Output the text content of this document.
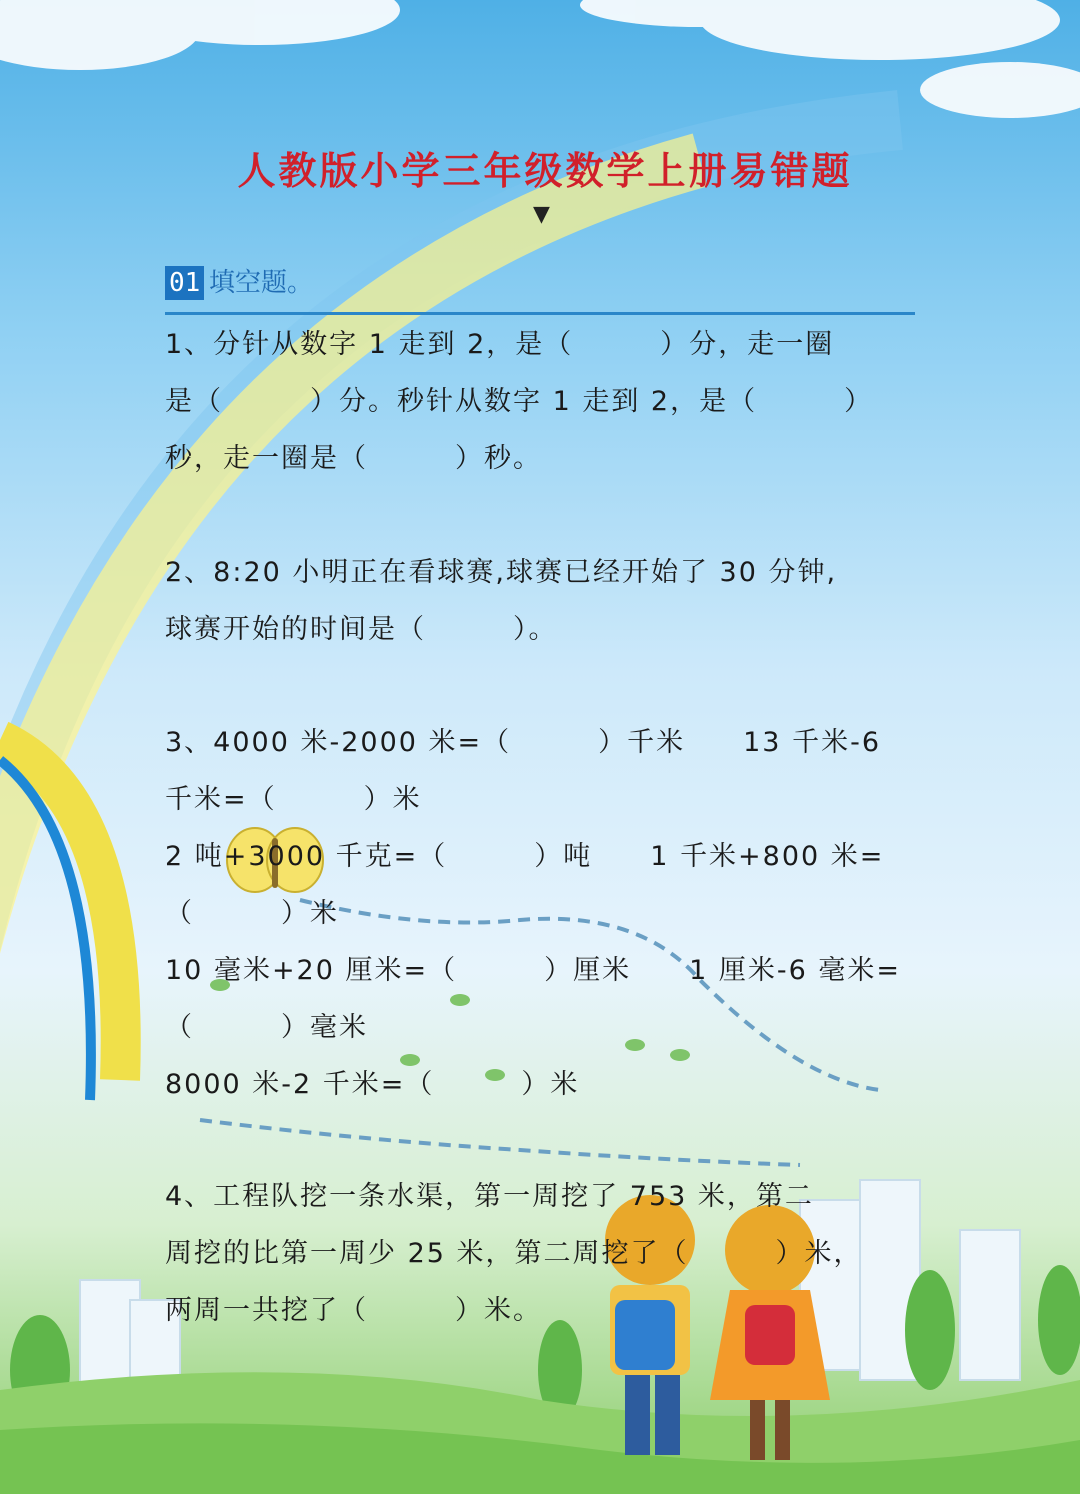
人教版小学三年级数学上册易错题
▼
01 填空题。

1、分针从数字 1 走到 2，是（　　　）分，走一圈

是（　　　）分。秒针从数字 1 走到 2，是（　　　）

秒，走一圈是（　　　）秒。

2、8:20 小明正在看球赛,球赛已经开始了 30 分钟,

球赛开始的时间是（　　　）。

3、4000 米-2000 米=（　　　）千米　　13 千米-6

千米=（　　　）米

2 吨+3000 千克=（　　　）吨　　1 千米+800 米=

（　　　）米

10 毫米+20 厘米=（　　　）厘米　　1 厘米-6 毫米=

（　　　）毫米

8000 米-2 千米=（　　　）米

4、工程队挖一条水渠，第一周挖了 753 米，第二

周挖的比第一周少 25 米，第二周挖了（　　　）米，

两周一共挖了（　　　）米。
